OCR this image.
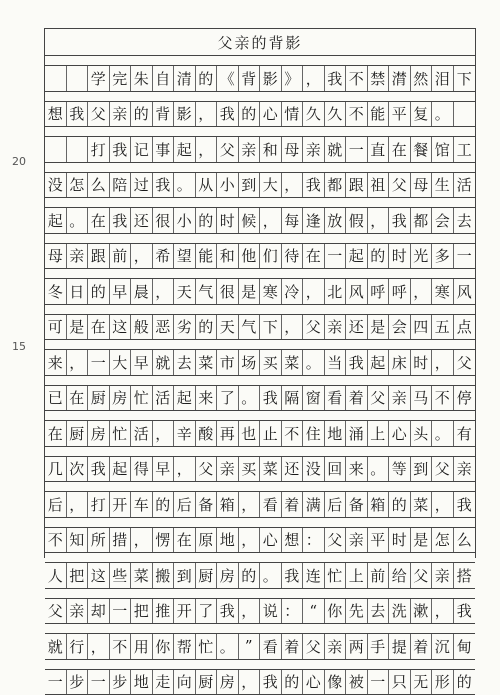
20
15
父亲的背影
学 完 朱 自 清 的 《 背 影 》 ， 我 不 禁 潸 然 泪 下
想 我 父 亲 的 背 影 ， 我 的 心 情 久 久 不 能 平 复 。
打 我 记 事 起 ， 父 亲 和 母 亲 就 一 直 在 餐 馆 工
没 怎 么 陪 过 我 。 从 小 到 大 ， 我 都 跟 祖 父 母 生 活
起 。 在 我 还 很 小 的 时 候 ， 每 逢 放 假 ， 我 都 会 去
母 亲 跟 前 ， 希 望 能 和 他 们 待 在 一 起 的 时 光 多 一
冬 日 的 早 晨 ， 天 气 很 是 寒 冷 ， 北 风 呼 呼 ， 寒 风
可 是 在 这 般 恶 劣 的 天 气 下 ， 父 亲 还 是 会 四 五 点
来 ， 一 大 早 就 去 菜 市 场 买 菜 。 当 我 起 床 时 ， 父
已 在 厨 房 忙 活 起 来 了 。 我 隔 窗 看 着 父 亲 马 不 停
在 厨 房 忙 活 ， 辛 酸 再 也 止 不 住 地 涌 上 心 头 。 有
几 次 我 起 得 早 ， 父 亲 买 菜 还 没 回 来 。 等 到 父 亲
后 ， 打 开 车 的 后 备 箱 ， 看 着 满 后 备 箱 的 菜 ， 我
不 知 所 措 ， 愣 在 原 地 ， 心 想 ： 父 亲 平 时 是 怎 么
人 把 这 些 菜 搬 到 厨 房 的 。 我 连 忙 上 前 给 父 亲 搭
父 亲 却 一 把 推 开 了 我 ， 说 ： “ 你 先 去 洗 漱 ， 我
就 行 ， 不 用 你 帮 忙 。 ” 看 着 父 亲 两 手 提 着 沉 甸
一 步 一 步 地 走 向 厨 房 ， 我 的 心 像 被 一 只 无 形 的
